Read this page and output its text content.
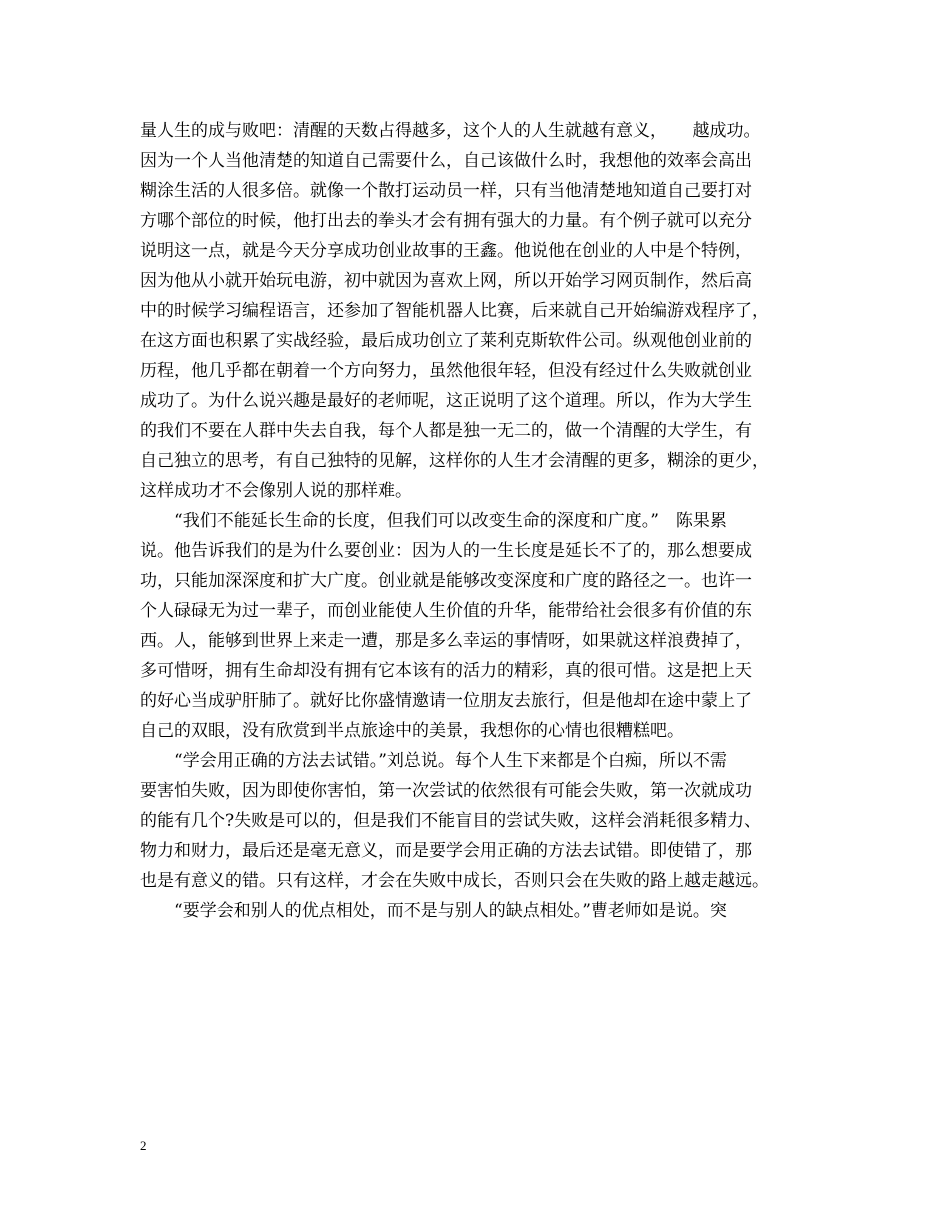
量人生的成与败吧：清醒的天数占得越多，这个人的人生就越有意义，　　越成功。
因为一个人当他清楚的知道自己需要什么，自己该做什么时，我想他的效率会高出
糊涂生活的人很多倍。就像一个散打运动员一样，只有当他清楚地知道自己要打对
方哪个部位的时候，他打出去的拳头才会有拥有强大的力量。有个例子就可以充分
说明这一点，就是今天分享成功创业故事的王鑫。他说他在创业的人中是个特例，
因为他从小就开始玩电游，初中就因为喜欢上网，所以开始学习网页制作，然后高
中的时候学习编程语言，还参加了智能机器人比赛，后来就自己开始编游戏程序了，
在这方面也积累了实战经验，最后成功创立了莱利克斯软件公司。纵观他创业前的
历程，他几乎都在朝着一个方向努力，虽然他很年轻，但没有经过什么失败就创业
成功了。为什么说兴趣是最好的老师呢，这正说明了这个道理。所以，作为大学生
的我们不要在人群中失去自我，每个人都是独一无二的，做一个清醒的大学生，有
自己独立的思考，有自己独特的见解，这样你的人生才会清醒的更多，糊涂的更少，
这样成功才不会像别人说的那样难。
　　“我们不能延长生命的长度，但我们可以改变生命的深度和广度。”　陈果累
说。他告诉我们的是为什么要创业：因为人的一生长度是延长不了的，那么想要成
功，只能加深深度和扩大广度。创业就是能够改变深度和广度的路径之一。也许一
个人碌碌无为过一辈子，而创业能使人生价值的升华，能带给社会很多有价值的东
西。人，能够到世界上来走一遭，那是多么幸运的事情呀，如果就这样浪费掉了，
多可惜呀，拥有生命却没有拥有它本该有的活力的精彩，真的很可惜。这是把上天
的好心当成驴肝肺了。就好比你盛情邀请一位朋友去旅行，但是他却在途中蒙上了
自己的双眼，没有欣赏到半点旅途中的美景，我想你的心情也很糟糕吧。
　　“学会用正确的方法去试错。”刘总说。每个人生下来都是个白痴，所以不需
要害怕失败，因为即使你害怕，第一次尝试的依然很有可能会失败，第一次就成功
的能有几个?失败是可以的，但是我们不能盲目的尝试失败，这样会消耗很多精力、
物力和财力，最后还是毫无意义，而是要学会用正确的方法去试错。即使错了，那
也是有意义的错。只有这样，才会在失败中成长，否则只会在失败的路上越走越远。
　　“要学会和别人的优点相处，而不是与别人的缺点相处。”曹老师如是说。突
2
